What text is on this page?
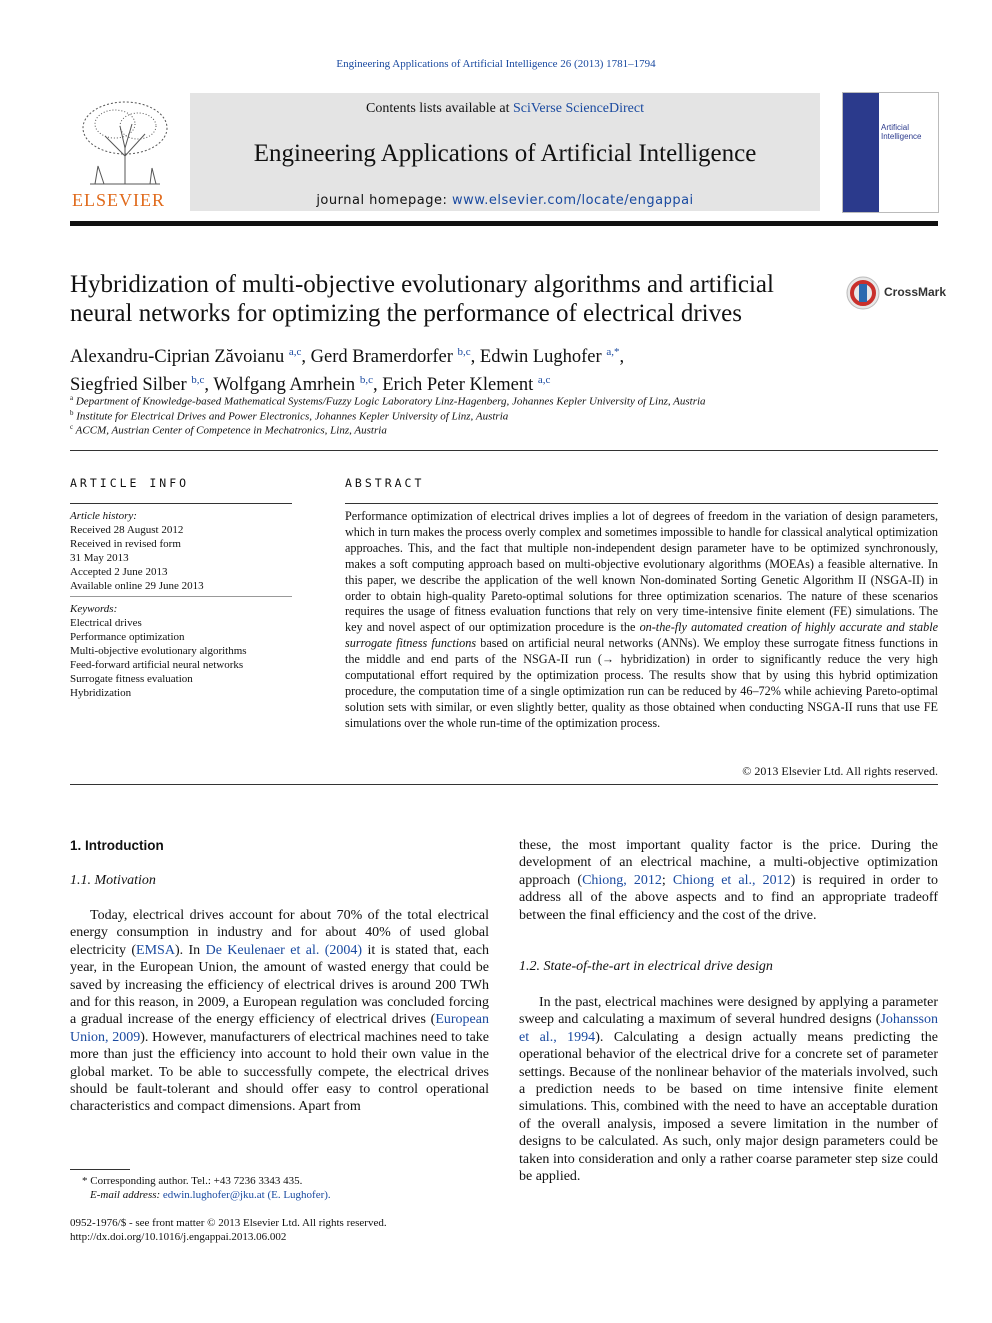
Engineering Applications of Artificial Intelligence 26 (2013) 1781–1794
ELSEVIER
Contents lists available at SciVerse ScienceDirect
Engineering Applications of Artificial Intelligence
journal homepage: www.elsevier.com/locate/engappai
Artificial Intelligence
Hybridization of multi-objective evolutionary algorithms and artificial
neural networks for optimizing the performance of electrical drives
CrossMark
Alexandru-Ciprian Zăvoianu $^{a,c}$, Gerd Bramerdorfer $^{b,c}$, Edwin Lughofer $^{a,*}$,
Siegfried Silber $^{b,c}$, Wolfgang Amrhein $^{b,c}$, Erich Peter Klement $^{a,c}$
$^a$ Department of Knowledge-based Mathematical Systems/Fuzzy Logic Laboratory Linz-Hagenberg, Johannes Kepler University of Linz, Austria
$^b$ Institute for Electrical Drives and Power Electronics, Johannes Kepler University of Linz, Austria
$^c$ ACCM, Austrian Center of Competence in Mechatronics, Linz, Austria
ARTICLE INFO
Article history:
Received 28 August 2012
Received in revised form
31 May 2013
Accepted 2 June 2013
Available online 29 June 2013
Keywords:
Electrical drives
Performance optimization
Multi-objective evolutionary algorithms
Feed-forward artificial neural networks
Surrogate fitness evaluation
Hybridization
ABSTRACT
Performance optimization of electrical drives implies a lot of degrees of freedom in the variation of design parameters, which in turn makes the process overly complex and sometimes impossible to handle for classical analytical optimization approaches. This, and the fact that multiple non-independent design parameter have to be optimized synchronously, makes a soft computing approach based on multi-objective evolutionary algorithms (MOEAs) a feasible alternative. In this paper, we describe the application of the well known Non-dominated Sorting Genetic Algorithm II (NSGA-II) in order to obtain high-quality Pareto-optimal solutions for three optimization scenarios. The nature of these scenarios requires the usage of fitness evaluation functions that rely on very time-intensive finite element (FE) simulations. The key and novel aspect of our optimization procedure is the on-the-fly automated creation of highly accurate and stable surrogate fitness functions based on artificial neural networks (ANNs). We employ these surrogate fitness functions in the middle and end parts of the NSGA-II run (→ hybridization) in order to significantly reduce the very high computational effort required by the optimization process. The results show that by using this hybrid optimization procedure, the computation time of a single optimization run can be reduced by 46–72% while achieving Pareto-optimal solution sets with similar, or even slightly better, quality as those obtained when conducting NSGA-II runs that use FE simulations over the whole run-time of the optimization process.
© 2013 Elsevier Ltd. All rights reserved.
1. Introduction
1.1. Motivation

Today, electrical drives account for about 70% of the total electrical energy consumption in industry and for about 40% of used global electricity (EMSA). In De Keulenaer et al. (2004) it is stated that, each year, in the European Union, the amount of wasted energy that could be saved by increasing the efficiency of electrical drives is around 200 TWh and for this reason, in 2009, a European regulation was concluded forcing a gradual increase of the energy efficiency of electrical drives (European Union, 2009). However, manufacturers of electrical machines need to take more than just the efficiency into account to hold their own value in the global market. To be able to successfully compete, the electrical drives should be fault-tolerant and should offer easy to control operational characteristics and compact dimensions. Apart from

these, the most important quality factor is the price. During the development of an electrical machine, a multi-objective optimization approach (Chiong, 2012; Chiong et al., 2012) is required in order to address all of the above aspects and to find an appropriate tradeoff between the final efficiency and the cost of the drive.

1.2. State-of-the-art in electrical drive design

In the past, electrical machines were designed by applying a parameter sweep and calculating a maximum of several hundred designs (Johansson et al., 1994). Calculating a design actually means predicting the operational behavior of the electrical drive for a concrete set of parameter settings. Because of the nonlinear behavior of the materials involved, such a prediction needs to be based on time intensive finite element simulations. This, combined with the need to have an acceptable duration of the overall analysis, imposed a severe limitation in the number of designs to be calculated. As such, only major design parameters could be taken into consideration and only a rather coarse parameter step size could be applied.

* Corresponding author. Tel.: +43 7236 3343 435.
E-mail address: edwin.lughofer@jku.at (E. Lughofer).
0952-1976/$ - see front matter © 2013 Elsevier Ltd. All rights reserved.
http://dx.doi.org/10.1016/j.engappai.2013.06.002
